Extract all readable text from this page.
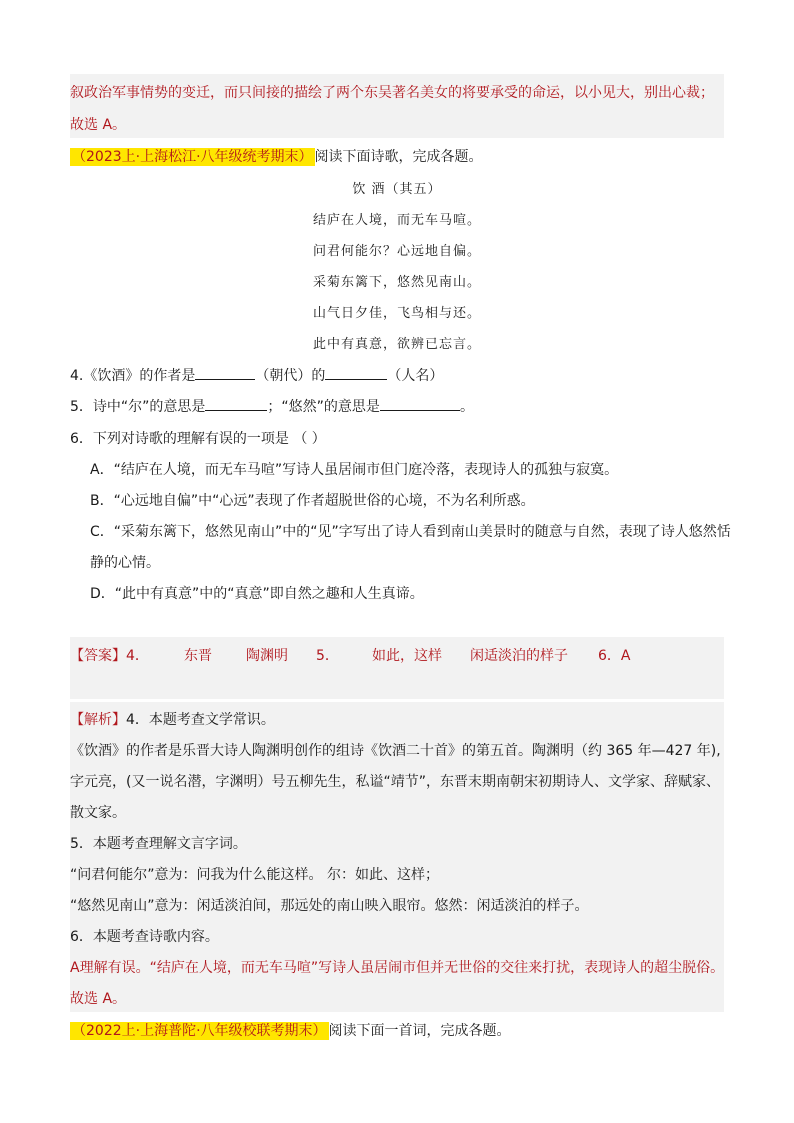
叙政治军事情势的变迁，而只间接的描绘了两个东吴著名美女的将要承受的命运，以小见大，别出心裁；
故选 A。
（2023上·上海松江·八年级统考期末） 阅读下面诗歌，完成各题。
饮 酒（其五）
结庐在人境，而无车马喧。
问君何能尔？心远地自偏。
采菊东篱下，悠然见南山。
山气日夕佳，飞鸟相与还。
此中有真意，欲辨已忘言。
4.《饮酒》的作者是	（朝代）的	（人名）
5．诗中“尔”的意思是	；“悠然”的意思是	。
6．下列对诗歌的理解有误的一项是 （ ）
A．“结庐在人境，而无车马喧”写诗人虽居闹市但门庭冷落，表现诗人的孤独与寂寞。
B．“心远地自偏”中“心远”表现了作者超脱世俗的心境，不为名利所惑。
C．“采菊东篱下，悠然见南山”中的“见”字写出了诗人看到南山美景时的随意与自然，表现了诗人悠然恬
静的心情。
D．“此中有真意”中的“真意”即自然之趣和人生真谛。
【答案】4．	东晋 陶渊明 5． 如此，这样 闲适淡泊的样子 6．A
【解析】4．本题考查文学常识。
《饮酒》的作者是乐晋大诗人陶渊明创作的组诗《饮酒二十首》的第五首。陶渊明（约 365 年—427 年),
字元亮，(又一说名潜，字渊明）号五柳先生，私谥“靖节”，东晋末期南朝宋初期诗人、文学家、辞赋家、
散文家。
5．本题考查理解文言字词。
“问君何能尔”意为：问我为什么能这样。 尔：如此、这样；
“悠然见南山”意为：闲适淡泊间，那远处的南山映入眼帘。悠然：闲适淡泊的样子。
6．本题考查诗歌内容。
A理解有误。“结庐在人境，而无车马喧”写诗人虽居闹市但并无世俗的交往来打扰，表现诗人的超尘脱俗。
故选 A。
（2022上·上海普陀·八年级校联考期末） 阅读下面一首词，完成各题。
